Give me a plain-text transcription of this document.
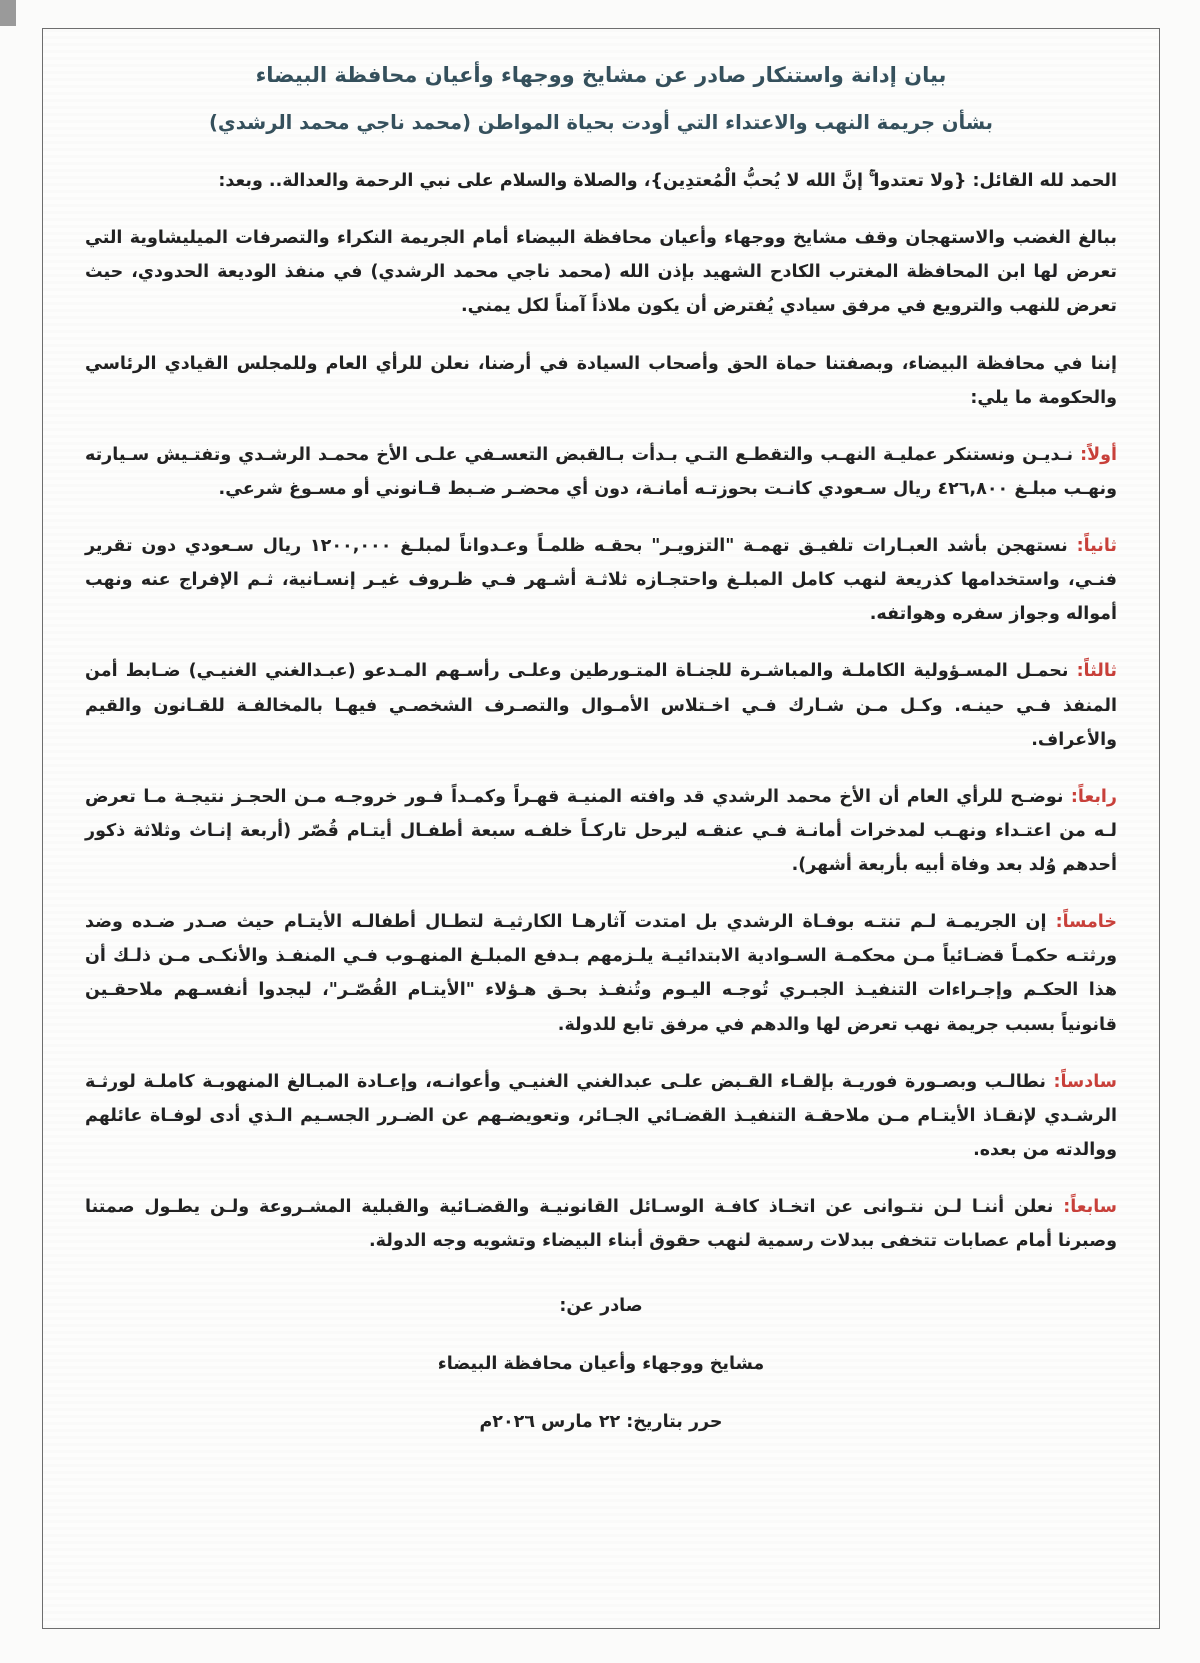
بيان إدانة واستنكار صادر عن مشايخ ووجهاء وأعيان محافظة البيضاء
بشأن جريمة النهب والاعتداء التي أودت بحياة المواطن (محمد ناجي محمد الرشدي)

الحمد لله القائل: {ولا تعتدوا ۚ إنَّ الله لا يُحبُّ الْمُعتدِين}، والصلاة والسلام على نبي الرحمة والعدالة.. وبعد:

ببالغ الغضب والاستهجان وقف مشايخ ووجهاء وأعيان محافظة البيضاء أمام الجريمة النكراء والتصرفات الميليشاوية التي تعرض لها ابن المحافظة المغترب الكادح الشهيد بإذن الله (محمد ناجي محمد الرشدي) في منفذ الوديعة الحدودي، حيث تعرض للنهب والترويع في مرفق سيادي يُفترض أن يكون ملاذاً آمناً لكل يمني.

إننا في محافظة البيضاء، وبصفتنا حماة الحق وأصحاب السيادة في أرضنا، نعلن للرأي العام وللمجلس القيادي الرئاسي والحكومة ما يلي:

أولاً: نـديـن ونستنكر عمليـة النهـب والتقطـع التـي بـدأت بـالقبض التعسـفي علـى الأخ محمـد الرشـدي وتفتـيش سـيارته ونهـب مبلـغ ٤٢٦,٨٠٠ ريال سـعودي كانـت بحوزتـه أمانـة، دون أي محضـر ضـبط قـانوني أو مسـوغ شرعي.

ثانياً: نستهجن بأشد العبـارات تلفيـق تهمـة "التزويـر" بحقـه ظلمـاً وعـدواناً لمبلـغ ١٢٠٠,٠٠٠ ريال سـعودي دون تقرير فنـي، واستخدامها كذريعة لنهب كامل المبلـغ واحتجـازه ثلاثـة أشـهر فـي ظـروف غيـر إنسـانية، ثـم الإفراج عنه ونهب أمواله وجواز سفره وهواتفه.

ثالثاً: نحمـل المسـؤولية الكاملـة والمباشـرة للجنـاة المتـورطين وعلـى رأسـهم المـدعو (عبـدالغني الغنيـي) ضـابط أمن المنفذ فـي حينـه. وكـل مـن شـارك فـي اخـتلاس الأمـوال والتصـرف الشخصـي فيهـا بالمخالفـة للقـانون والقيم والأعراف.

رابعاً: نوضـح للرأي العام أن الأخ محمد الرشدي قد وافته المنيـة قهـراً وكمـداً فـور خروجـه مـن الحجـز نتيجـة مـا تعرض لـه من اعتـداء ونهـب لمدخرات أمانـة فـي عنقـه ليرحل تاركـاً خلفـه سبعة أطفـال أيتـام قُصّر (أربعة إنـاث وثلاثة ذكور أحدهم وُلد بعد وفاة أبيه بأربعة أشهر).

خامساً: إن الجريمـة لـم تنتـه بوفـاة الرشدي بل امتدت آثارهـا الكارثيـة لتطـال أطفالـه الأيتـام حيث صـدر ضـده وضد ورثتـه حكمـاً قضـائياً مـن محكمـة السـوادية الابتدائيـة يلـزمهم بـدفع المبلـغ المنهـوب فـي المنفـذ والأنكـى مـن ذلـك أن هذا الحكـم وإجـراءات التنفيـذ الجبـري تُوجـه اليـوم وتُنفـذ بحـق هـؤلاء "الأيتـام القُصّـر"، ليجدوا أنفسـهم ملاحقـين قانونياً بسبب جريمة نهب تعرض لها والدهم في مرفق تابع للدولة.

سادساً: نطالـب وبصـورة فوريـة بإلقـاء القـبض علـى عبدالغني الغنيـي وأعوانـه، وإعـادة المبـالغ المنهوبـة كاملـة لورثـة الرشـدي لإنقـاذ الأيتـام مـن ملاحقـة التنفيـذ القضـائي الجـائر، وتعويضـهم عن الضـرر الجسـيم الـذي أدى لوفـاة عائلهم ووالدته من بعده.

سابعاً: نعلن أننـا لـن نتـوانى عن اتخـاذ كافـة الوسـائل القانونيـة والقضـائية والقبلية المشـروعة ولـن يطـول صمتنا وصبرنا أمام عصابات تتخفى ببدلات رسمية لنهب حقوق أبناء البيضاء وتشويه وجه الدولة.

صادر عن:

مشايخ ووجهاء وأعيان محافظة البيضاء

حرر بتاريخ: ٢٢ مارس ٢٠٢٦م
